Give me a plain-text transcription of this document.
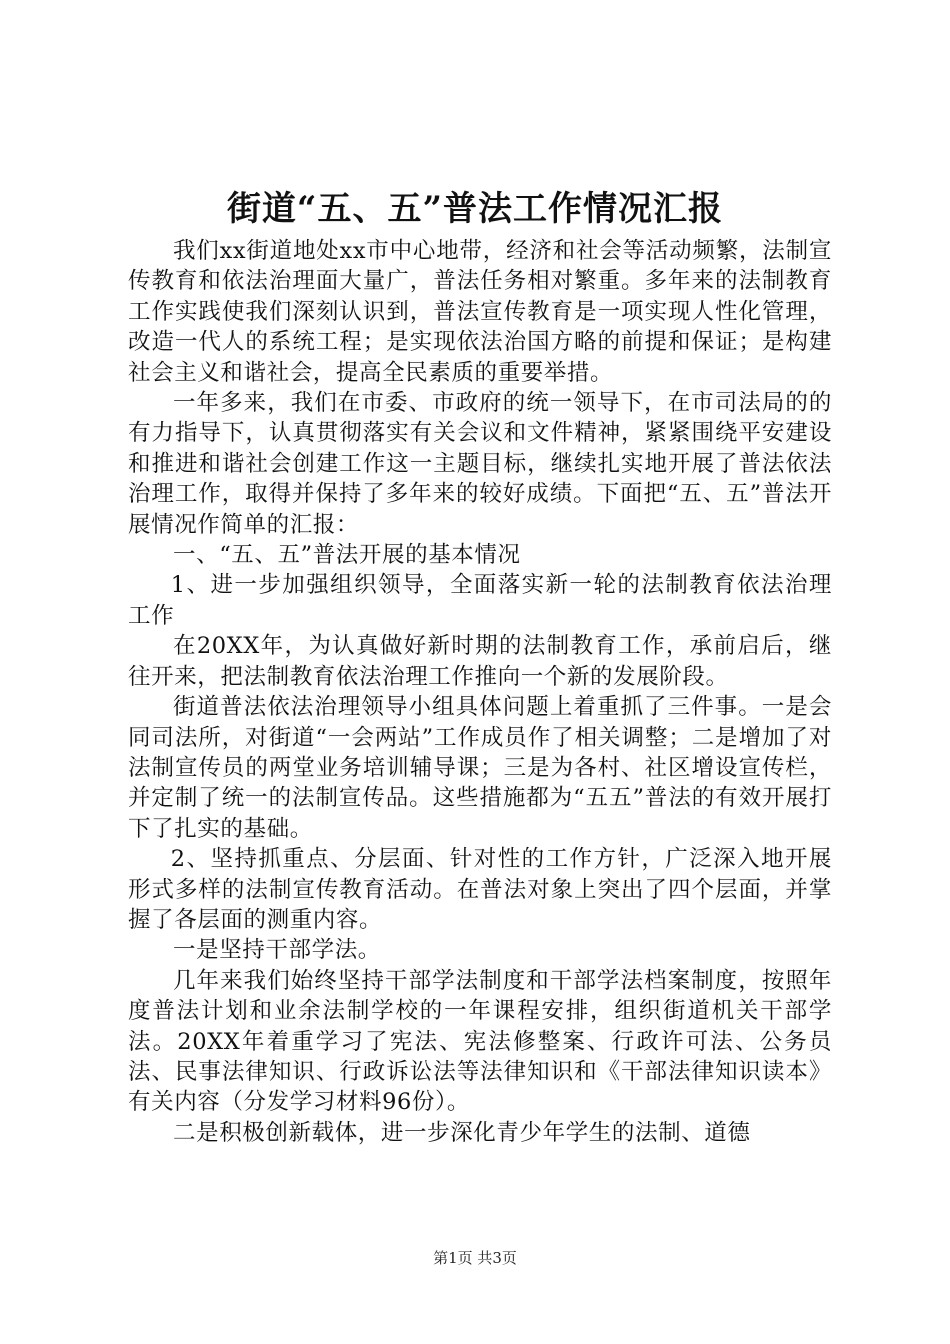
街道“五、五”普法工作情况汇报

我们xx街道地处xx市中心地带，经济和社会等活动频繁，法制宣传教育和依法治理面大量广，普法任务相对繁重。多年来的法制教育工作实践使我们深刻认识到，普法宣传教育是一项实现人性化管理，改造一代人的系统工程；是实现依法治国方略的前提和保证；是构建社会主义和谐社会，提高全民素质的重要举措。

一年多来，我们在市委、市政府的统一领导下，在市司法局的的有力指导下，认真贯彻落实有关会议和文件精神，紧紧围绕平安建设和推进和谐社会创建工作这一主题目标，继续扎实地开展了普法依法治理工作，取得并保持了多年来的较好成绩。下面把“五、五”普法开展情况作简单的汇报：

一、“五、五”普法开展的基本情况

1、进一步加强组织领导，全面落实新一轮的法制教育依法治理工作

在20XX年，为认真做好新时期的法制教育工作，承前启后，继往开来，把法制教育依法治理工作推向一个新的发展阶段。

街道普法依法治理领导小组具体问题上着重抓了三件事。一是会同司法所，对街道“一会两站”工作成员作了相关调整；二是增加了对法制宣传员的两堂业务培训辅导课；三是为各村、社区增设宣传栏，并定制了统一的法制宣传品。这些措施都为“五五”普法的有效开展打下了扎实的基础。

2、坚持抓重点、分层面、针对性的工作方针，广泛深入地开展形式多样的法制宣传教育活动。在普法对象上突出了四个层面，并掌握了各层面的测重内容。

一是坚持干部学法。

几年来我们始终坚持干部学法制度和干部学法档案制度，按照年度普法计划和业余法制学校的一年课程安排，组织街道机关干部学法。20XX年着重学习了宪法、宪法修整案、行政许可法、公务员法、民事法律知识、行政诉讼法等法律知识和《干部法律知识读本》有关内容（分发学习材料96份）。

二是积极创新载体，进一步深化青少年学生的法制、道德

第1页 共3页
